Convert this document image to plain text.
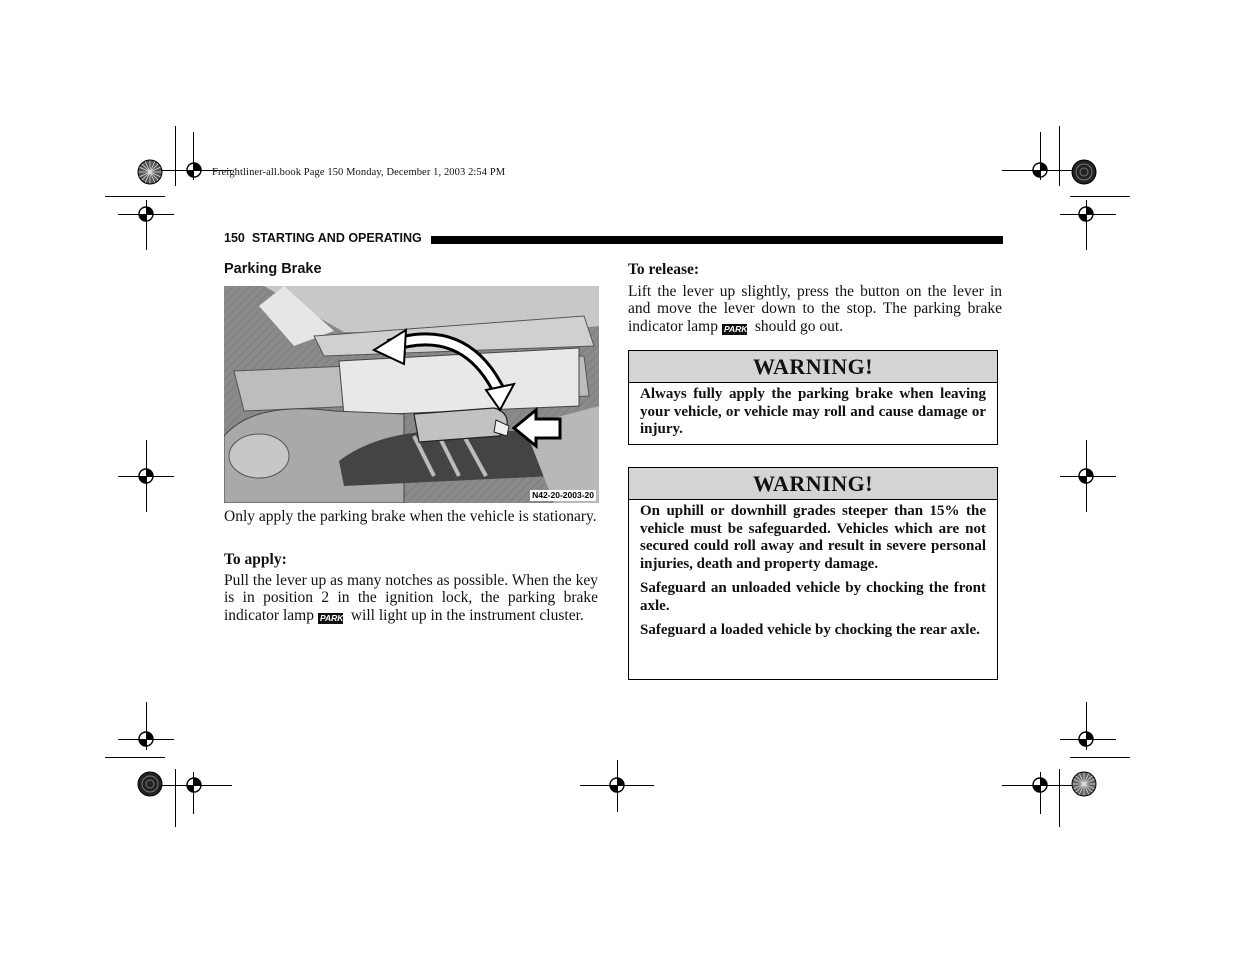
Freightliner-all.book Page 150 Monday, December 1, 2003 2:54 PM
150 STARTING AND OPERATING
Parking Brake
N42-20-2003-20

Only apply the parking brake when the vehicle is stationary.

To apply:

Pull the lever up as many notches as possible. When the key is in position 2 in the ignition lock, the parking brake indicator lamp PARK will light up in the instrument cluster.

To release:

Lift the lever up slightly, press the button on the lever in and move the lever down to the stop. The parking brake indicator lamp PARK should go out.

WARNING!

Always fully apply the parking brake when leaving your vehicle, or vehicle may roll and cause damage or injury.

WARNING!

On uphill or downhill grades steeper than 15% the vehicle must be safeguarded. Vehicles which are not secured could roll away and result in severe personal injuries, death and property damage.

Safeguard an unloaded vehicle by chocking the front axle.

Safeguard a loaded vehicle by chocking the rear axle.
